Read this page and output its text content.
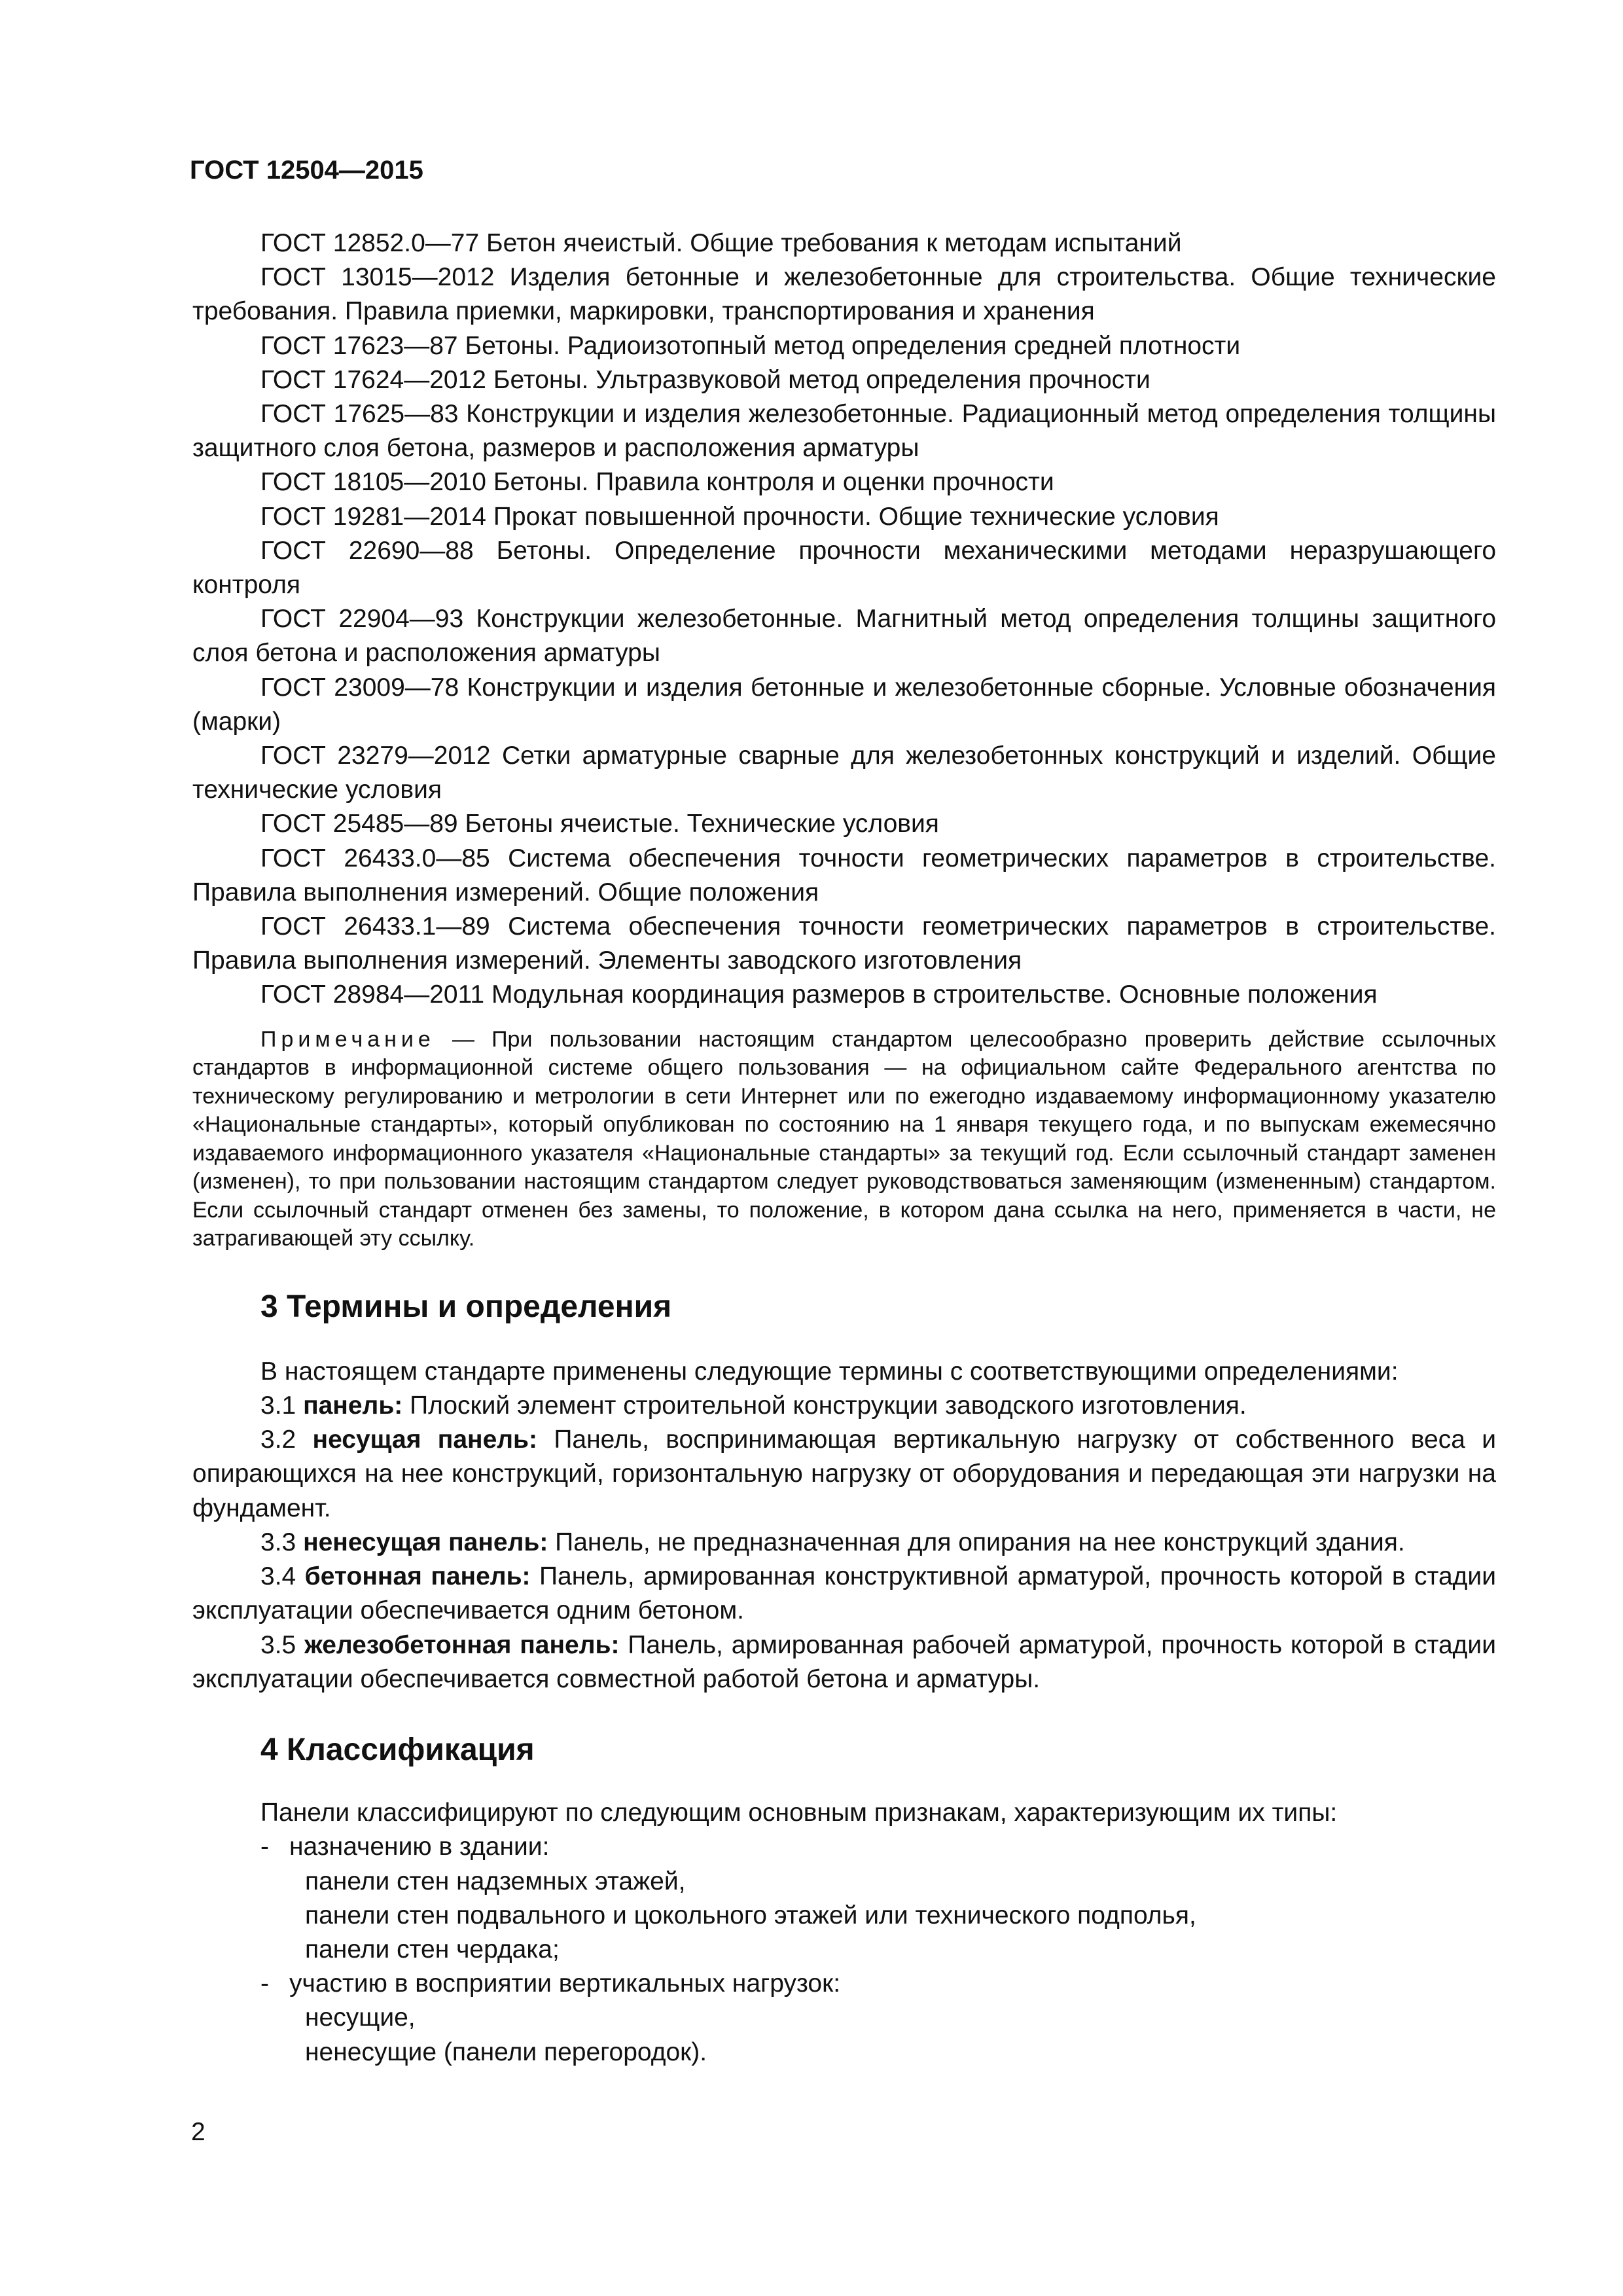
ГОСТ 12504—2015

ГОСТ 12852.0—77 Бетон ячеистый. Общие требования к методам испытаний

ГОСТ 13015—2012 Изделия бетонные и железобетонные для строительства. Общие технические требования. Правила приемки, маркировки, транспортирования и хранения

ГОСТ 17623—87 Бетоны. Радиоизотопный метод определения средней плотности

ГОСТ 17624—2012 Бетоны. Ультразвуковой метод определения прочности

ГОСТ 17625—83 Конструкции и изделия железобетонные. Радиационный метод определения толщины защитного слоя бетона, размеров и расположения арматуры

ГОСТ 18105—2010 Бетоны. Правила контроля и оценки прочности

ГОСТ 19281—2014 Прокат повышенной прочности. Общие технические условия

ГОСТ 22690—88 Бетоны. Определение прочности механическими методами неразрушающего контроля

ГОСТ 22904—93 Конструкции железобетонные. Магнитный метод определения толщины защитного слоя бетона и расположения арматуры

ГОСТ 23009—78 Конструкции и изделия бетонные и железобетонные сборные. Условные обозначения (марки)

ГОСТ 23279—2012 Сетки арматурные сварные для железобетонных конструкций и изделий. Общие технические условия

ГОСТ 25485—89 Бетоны ячеистые. Технические условия

ГОСТ 26433.0—85 Система обеспечения точности геометрических параметров в строительстве. Правила выполнения измерений. Общие положения

ГОСТ 26433.1—89 Система обеспечения точности геометрических параметров в строительстве. Правила выполнения измерений. Элементы заводского изготовления

ГОСТ 28984—2011 Модульная координация размеров в строительстве. Основные положения

Примечание — При пользовании настоящим стандартом целесообразно проверить действие ссылочных стандартов в информационной системе общего пользования — на официальном сайте Федерального агентства по техническому регулированию и метрологии в сети Интернет или по ежегодно издаваемому информационному указателю «Национальные стандарты», который опубликован по состоянию на 1 января текущего года, и по выпускам ежемесячно издаваемого информационного указателя «Национальные стандарты» за текущий год. Если ссылочный стандарт заменен (изменен), то при пользовании настоящим стандартом следует руководствоваться заменяющим (измененным) стандартом. Если ссылочный стандарт отменен без замены, то положение, в котором дана ссылка на него, применяется в части, не затрагивающей эту ссылку.

3 Термины и определения

В настоящем стандарте применены следующие термины с соответствующими определениями:

3.1 панель: Плоский элемент строительной конструкции заводского изготовления.

3.2 несущая панель: Панель, воспринимающая вертикальную нагрузку от собственного веса и опирающихся на нее конструкций, горизонтальную нагрузку от оборудования и передающая эти нагрузки на фундамент.

3.3 ненесущая панель: Панель, не предназначенная для опирания на нее конструкций здания.

3.4 бетонная панель: Панель, армированная конструктивной арматурой, прочность которой в стадии эксплуатации обеспечивается одним бетоном.

3.5 железобетонная панель: Панель, армированная рабочей арматурой, прочность которой в стадии эксплуатации обеспечивается совместной работой бетона и арматуры.

4 Классификация

Панели классифицируют по следующим основным признакам, характеризующим их типы:

- назначению в здании:

панели стен надземных этажей,

панели стен подвального и цокольного этажей или технического подполья,

панели стен чердака;

- участию в восприятии вертикальных нагрузок:

несущие,

ненесущие (панели перегородок).

2
